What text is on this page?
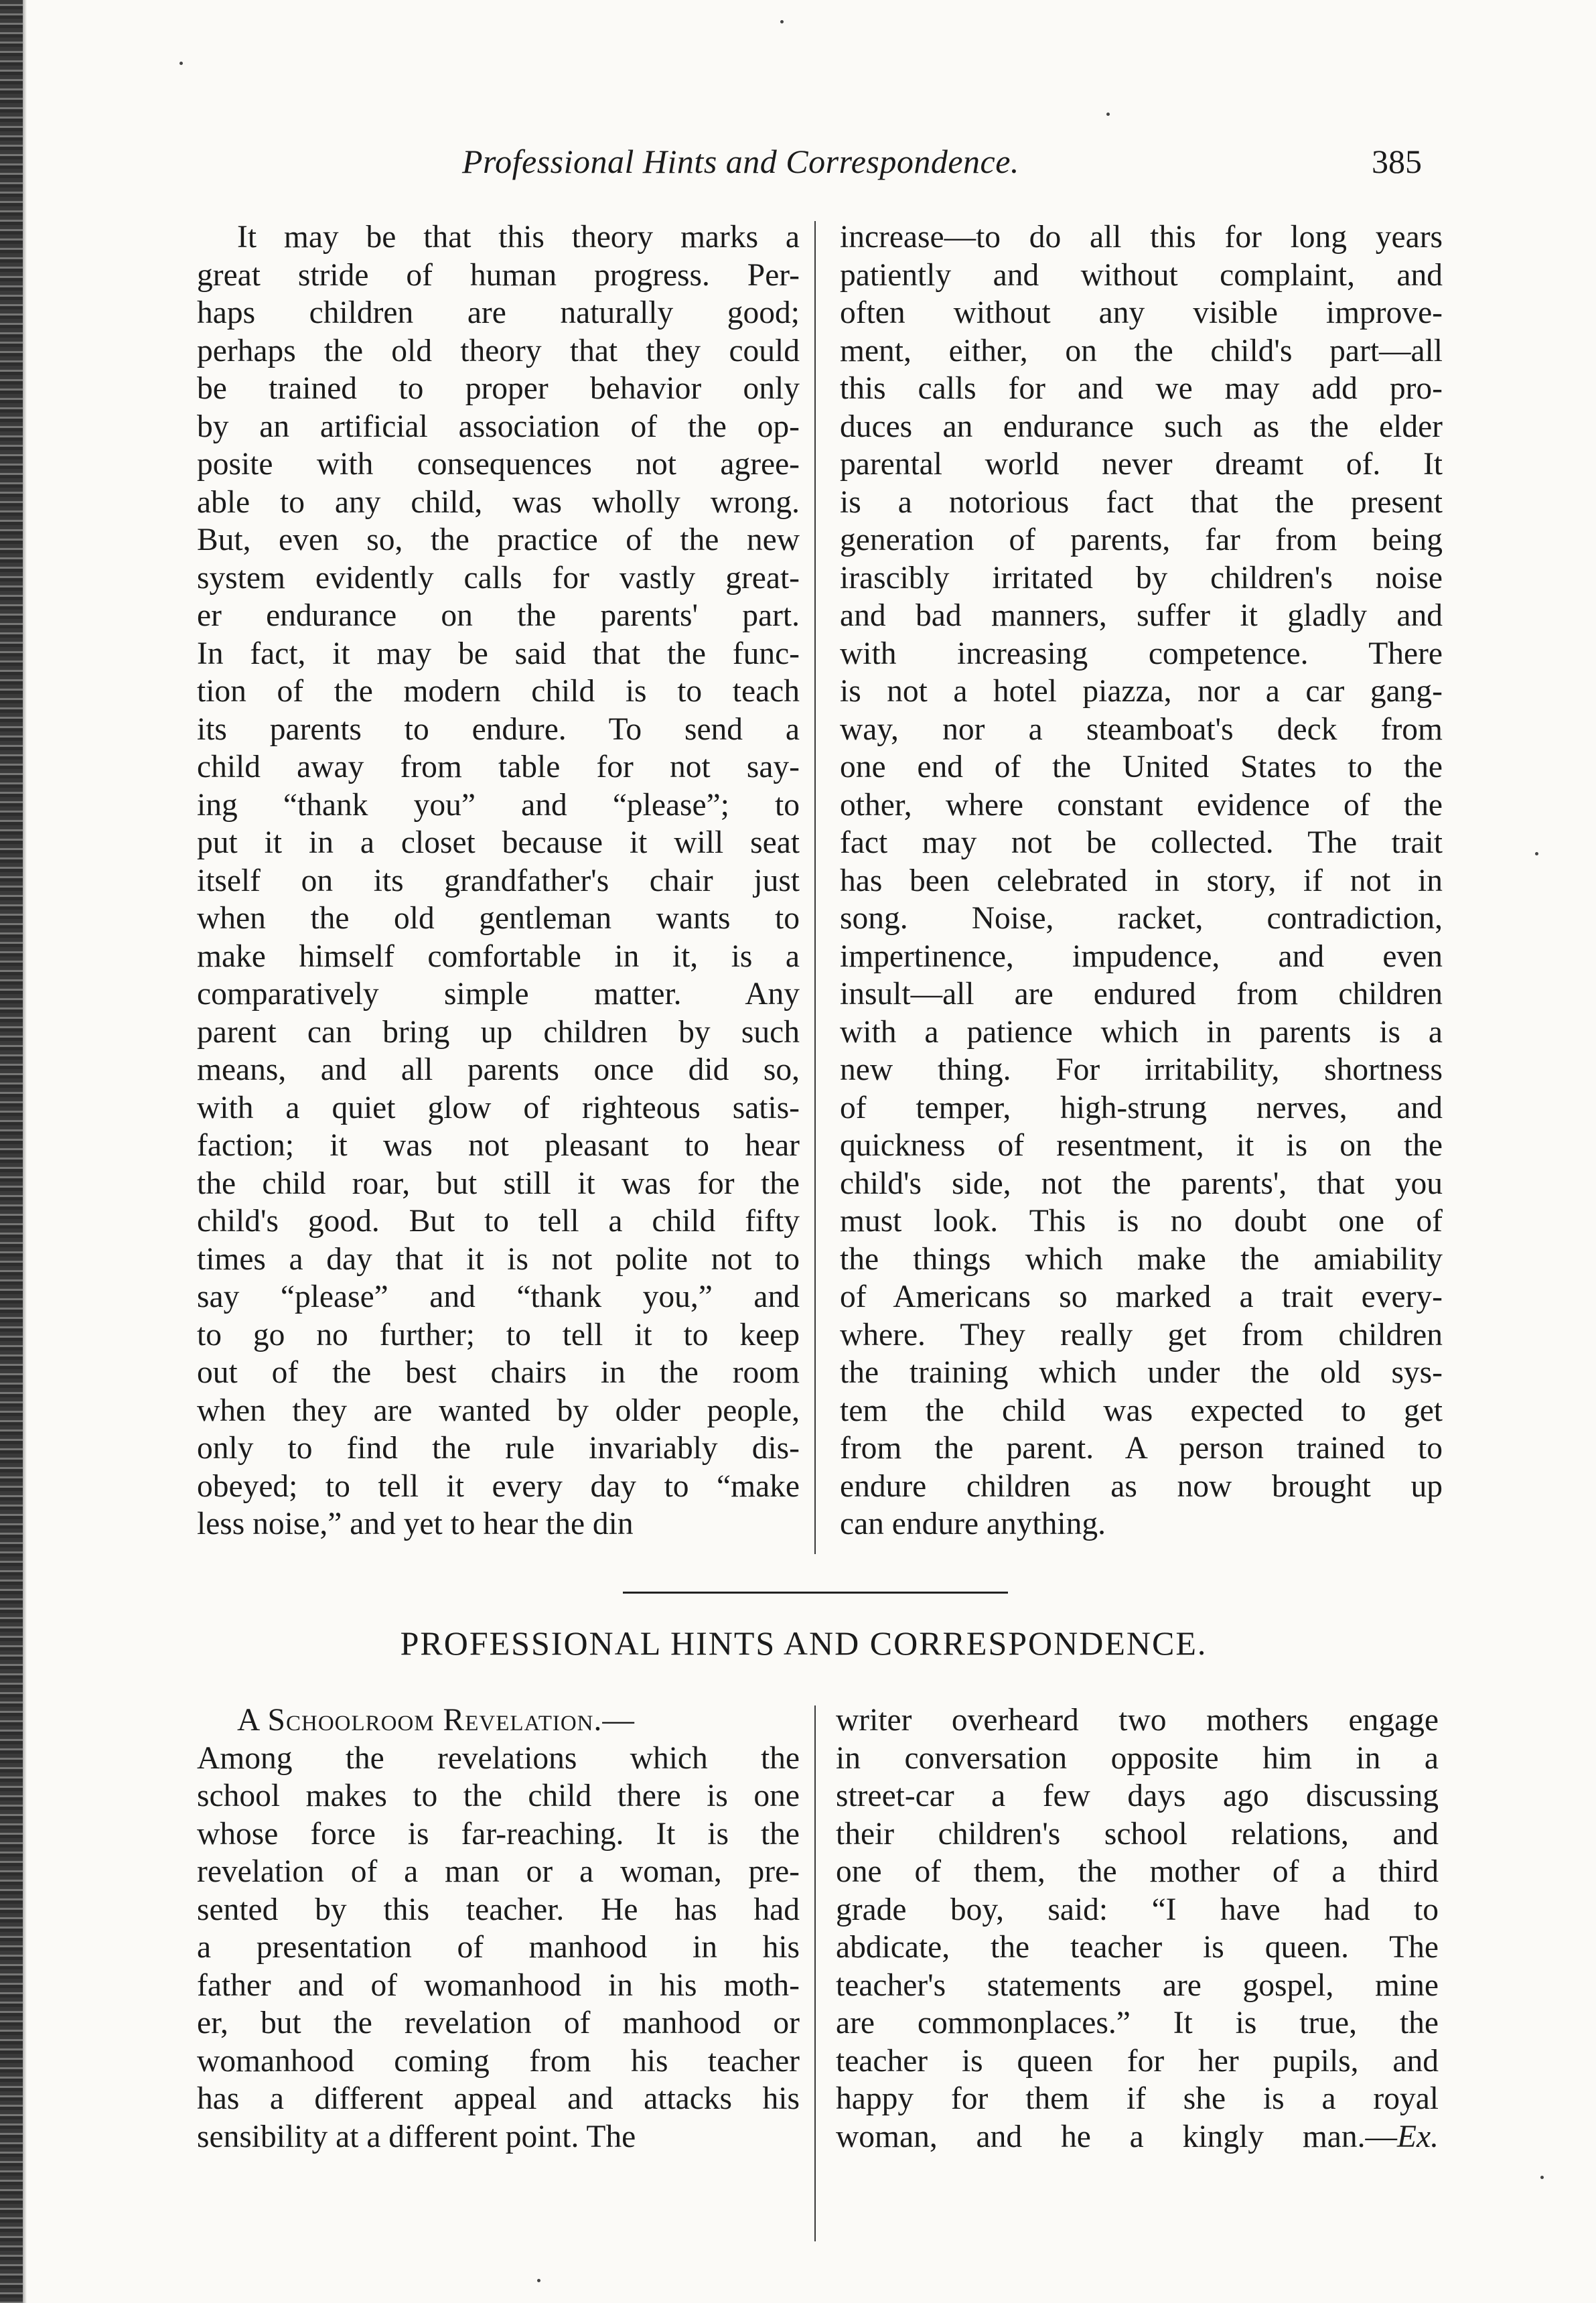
Professional Hints and Correspondence.	385
It may be that this theory marks a
great stride of human progress. Per-
haps children are naturally good;
perhaps the old theory that they could
be trained to proper behavior only
by an artificial association of the op-
posite with consequences not agree-
able to any child, was wholly wrong.
But, even so, the practice of the new
system evidently calls for vastly great-
er endurance on the parents' part.
In fact, it may be said that the func-
tion of the modern child is to teach
its parents to endure. To send a
child away from table for not say-
ing “thank you” and “please”; to
put it in a closet because it will seat
itself on its grandfather's chair just
when the old gentleman wants to
make himself comfortable in it, is a
comparatively simple matter. Any
parent can bring up children by such
means, and all parents once did so,
with a quiet glow of righteous satis-
faction; it was not pleasant to hear
the child roar, but still it was for the
child's good. But to tell a child fifty
times a day that it is not polite not to
say “please” and “thank you,” and
to go no further; to tell it to keep
out of the best chairs in the room
when they are wanted by older people,
only to find the rule invariably dis-
obeyed; to tell it every day to “make
less noise,” and yet to hear the din
increase—to do all this for long years
patiently and without complaint, and
often without any visible improve-
ment, either, on the child's part—all
this calls for and we may add pro-
duces an endurance such as the elder
parental world never dreamt of. It
is a notorious fact that the present
generation of parents, far from being
irascibly irritated by children's noise
and bad manners, suffer it gladly and
with increasing competence. There
is not a hotel piazza, nor a car gang-
way, nor a steamboat's deck from
one end of the United States to the
other, where constant evidence of the
fact may not be collected. The trait
has been celebrated in story, if not in
song. Noise, racket, contradiction,
impertinence, impudence, and even
insult—all are endured from children
with a patience which in parents is a
new thing. For irritability, shortness
of temper, high-strung nerves, and
quickness of resentment, it is on the
child's side, not the parents', that you
must look. This is no doubt one of
the things which make the amiability
of Americans so marked a trait every-
where. They really get from children
the training which under the old sys-
tem the child was expected to get
from the parent. A person trained to
endure children as now brought up
can endure anything.
PROFESSIONAL HINTS AND CORRESPONDENCE.
A Schoolroom Revelation.—
Among the revelations which the
school makes to the child there is one
whose force is far-reaching. It is the
revelation of a man or a woman, pre-
sented by this teacher. He has had
a presentation of manhood in his
father and of womanhood in his moth-
er, but the revelation of manhood or
womanhood coming from his teacher
has a different appeal and attacks his
sensibility at a different point. The
writer overheard two mothers engage
in conversation opposite him in a
street-car a few days ago discussing
their children's school relations, and
one of them, the mother of a third
grade boy, said: “I have had to
abdicate, the teacher is queen. The
teacher's statements are gospel, mine
are commonplaces.” It is true, the
teacher is queen for her pupils, and
happy for them if she is a royal
woman, and he a kingly man.—Ex.
